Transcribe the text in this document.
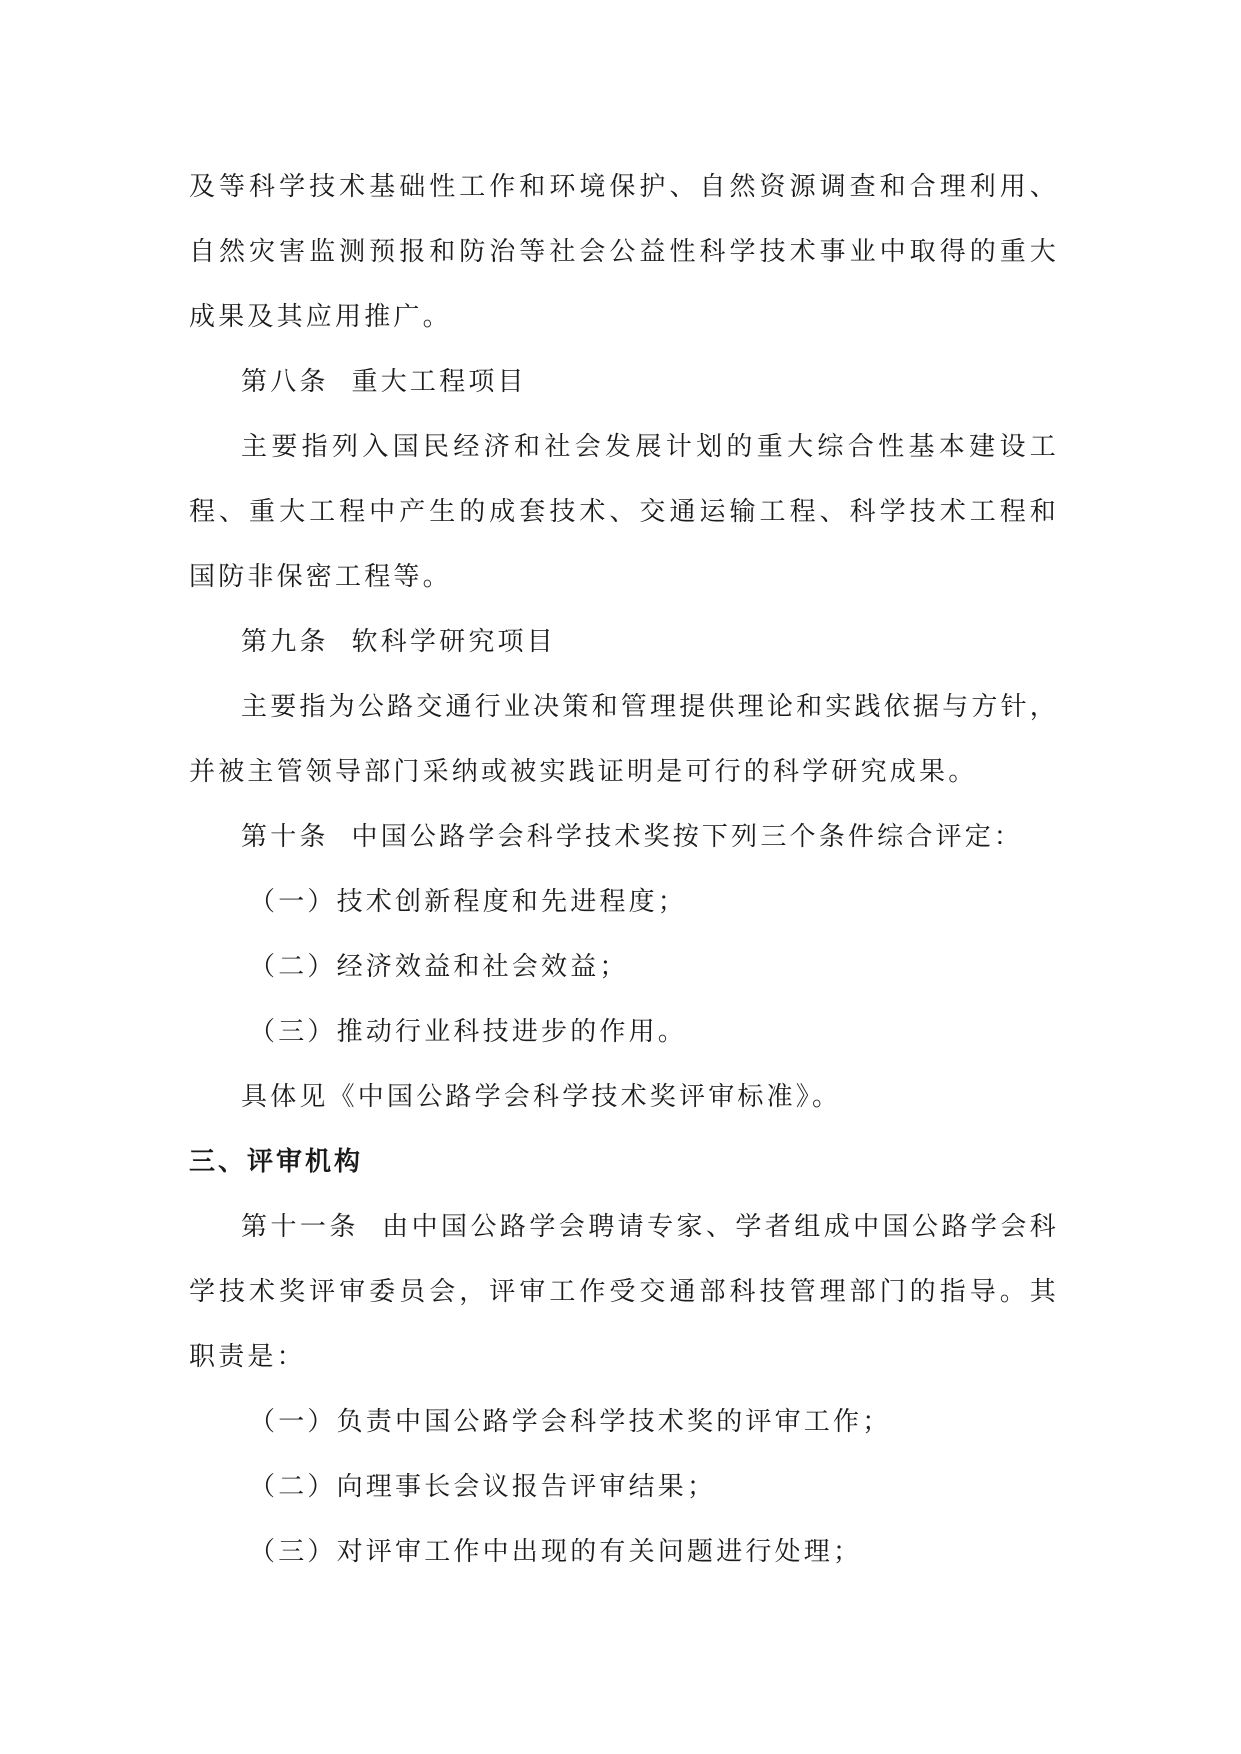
及等科学技术基础性工作和环境保护、自然资源调查和合理利用、自然灾害监测预报和防治等社会公益性科学技术事业中取得的重大成果及其应用推广。

第八条  重大工程项目

主要指列入国民经济和社会发展计划的重大综合性基本建设工程、重大工程中产生的成套技术、交通运输工程、科学技术工程和国防非保密工程等。

第九条  软科学研究项目

主要指为公路交通行业决策和管理提供理论和实践依据与方针，并被主管领导部门采纳或被实践证明是可行的科学研究成果。

第十条  中国公路学会科学技术奖按下列三个条件综合评定：

（一）技术创新程度和先进程度；

（二）经济效益和社会效益；

（三）推动行业科技进步的作用。

具体见《中国公路学会科学技术奖评审标准》。

三、评审机构

第十一条  由中国公路学会聘请专家、学者组成中国公路学会科学技术奖评审委员会，评审工作受交通部科技管理部门的指导。其职责是：

（一）负责中国公路学会科学技术奖的评审工作；

（二）向理事长会议报告评审结果；

（三）对评审工作中出现的有关问题进行处理；
